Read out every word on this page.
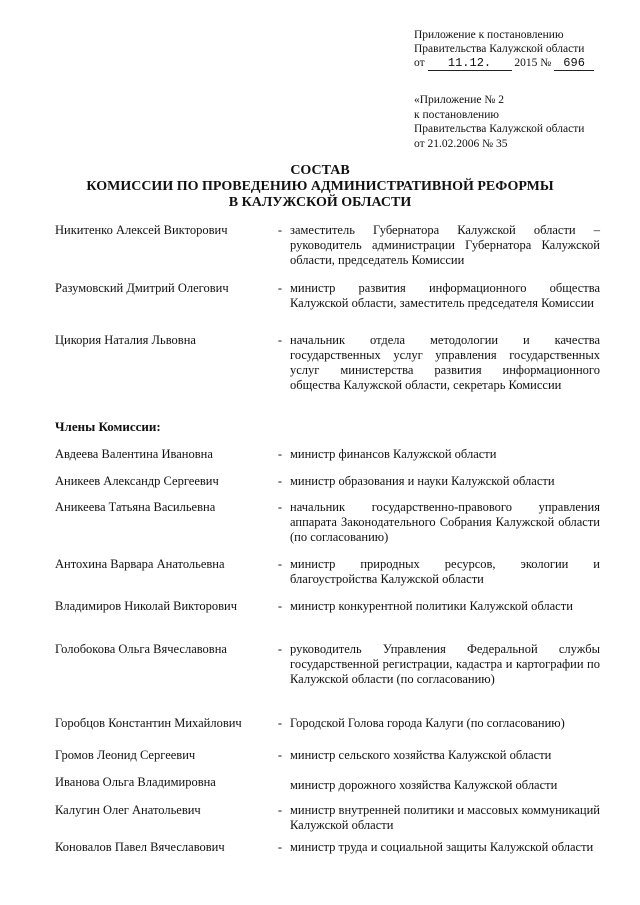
Приложение к постановлению
Правительства Калужской области
от 11.12. 2015 № 696
«Приложение № 2
к постановлению
Правительства Калужской области
от 21.02.2006 № 35
СОСТАВ
КОМИССИИ ПО ПРОВЕДЕНИЮ АДМИНИСТРАТИВНОЙ РЕФОРМЫ
В КАЛУЖСКОЙ ОБЛАСТИ
Никитенко Алексей Викторович	- заместитель Губернатора Калужской области – руководитель администрации Губернатора Калужской области, председатель Комиссии
Разумовский Дмитрий Олегович	- министр развития информационного общества Калужской области, заместитель председателя Комиссии
Цикория Наталия Львовна	- начальник отдела методологии и качества государственных услуг управления государственных услуг министерства развития информационного общества Калужской области, секретарь Комиссии
Члены Комиссии:
Авдеева Валентина Ивановна	- министр финансов Калужской области
Аникеев Александр Сергеевич	- министр образования и науки Калужской области
Аникеева Татьяна Васильевна	- начальник государственно-правового управления аппарата Законодательного Собрания Калужской области (по согласованию)
Антохина Варвара Анатольевна	- министр природных ресурсов, экологии и благоустройства Калужской области
Владимиров Николай Викторович	- министр конкурентной политики Калужской области
Голобокова Ольга Вячеславовна	- руководитель Управления Федеральной службы государственной регистрации, кадастра и картографии по Калужской области (по согласованию)
Горобцов Константин Михайлович	- Городской Голова города Калуги (по согласованию)
Громов Леонид Сергеевич	- министр сельского хозяйства Калужской области
Иванова Ольга Владимировна	министр дорожного хозяйства Калужской области
Калугин Олег Анатольевич	- министр внутренней политики и массовых коммуникаций Калужской области
Коновалов Павел Вячеславович	- министр труда и социальной защиты Калужской области
